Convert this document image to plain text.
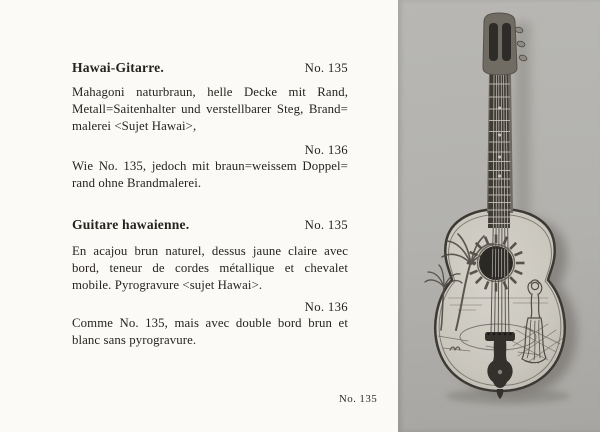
Hawai-Gitarre.	No. 135
Mahagoni naturbraun, helle Decke mit Rand,
Metall=Saitenhalter und verstellbarer Steg, Brand=
malerei <Sujet Hawai>,
No. 136
Wie No. 135, jedoch mit braun=weissem Doppel=
rand ohne Brandmalerei.
Guitare hawaienne.	No. 135
En acajou brun naturel, dessus jaune claire avec
bord, teneur de cordes métallique et chevalet
mobile. Pyrogravure <sujet Hawai>.
No. 136
Comme No. 135, mais avec double bord brun et
blanc sans pyrogravure.
No. 135
